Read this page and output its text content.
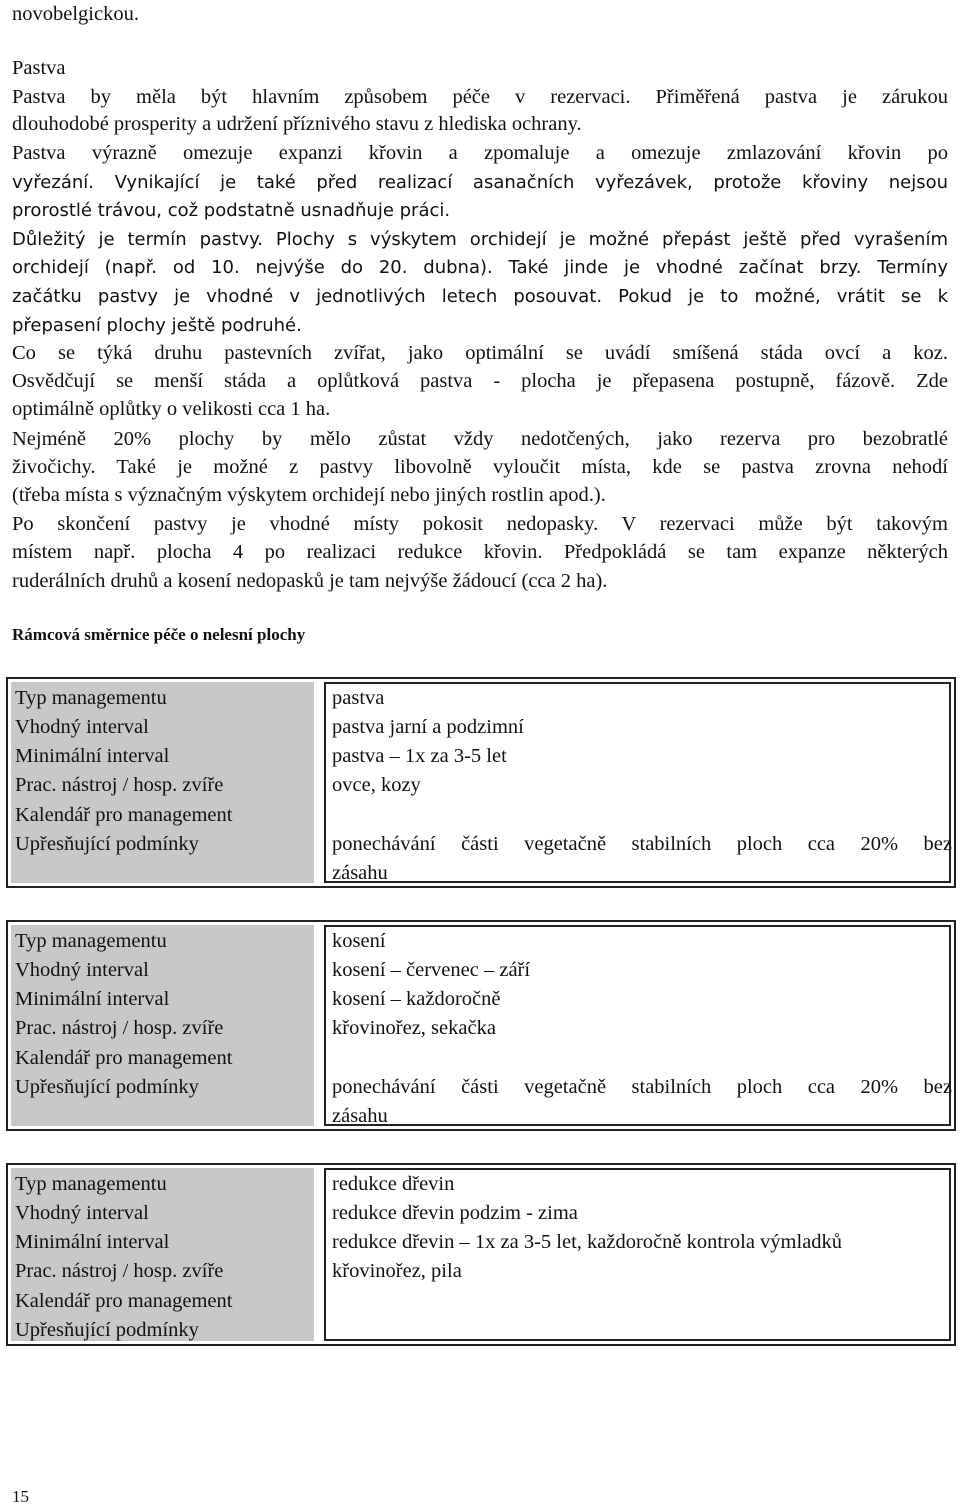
novobelgickou.
Pastva
Pastva by měla být hlavním způsobem péče v rezervaci. Přiměřená pastva je zárukou
dlouhodobé prosperity a udržení příznivého stavu z hlediska ochrany.
Pastva výrazně omezuje expanzi křovin a zpomaluje a omezuje zmlazování křovin po
vyřezání. Vynikající je také před realizací asanačních vyřezávek, protože křoviny nejsou
prorostlé trávou, což podstatně usnadňuje práci.
Důležitý je termín pastvy. Plochy s výskytem orchidejí je možné přepást ještě před vyrašením
orchidejí (např. od 10. nejvýše do 20. dubna). Také jinde je vhodné začínat brzy. Termíny
začátku pastvy je vhodné v jednotlivých letech posouvat. Pokud je to možné, vrátit se k
přepasení plochy ještě podruhé.
Co se týká druhu pastevních zvířat, jako optimální se uvádí smíšená stáda ovcí a koz.
Osvědčují se menší stáda a oplůtková pastva - plocha je přepasena postupně, fázově. Zde
optimálně oplůtky o velikosti cca 1 ha.
Nejméně 20% plochy by mělo zůstat vždy nedotčených, jako rezerva pro bezobratlé
živočichy. Také je možné z pastvy libovolně vyloučit místa, kde se pastva zrovna nehodí
(třeba místa s význačným výskytem orchidejí nebo jiných rostlin apod.).
Po skončení pastvy je vhodné místy pokosit nedopasky. V rezervaci může být takovým
místem např. plocha 4 po realizaci redukce křovin. Předpokládá se tam expanze některých
ruderálních druhů a kosení nedopasků je tam nejvýše žádoucí (cca 2 ha).
Rámcová směrnice péče o nelesní plochy
Typ managementu
Vhodný interval
Minimální interval
Prac. nástroj / hosp. zvíře
Kalendář pro management
Upřesňující podmínky
pastva
pastva jarní a podzimní
pastva – 1x za 3-5 let
ovce, kozy
ponechávání části vegetačně stabilních ploch cca 20% bez
zásahu
Typ managementu
Vhodný interval
Minimální interval
Prac. nástroj / hosp. zvíře
Kalendář pro management
Upřesňující podmínky
kosení
kosení – červenec – září
kosení – každoročně
křovinořez, sekačka
ponechávání části vegetačně stabilních ploch cca 20% bez
zásahu
Typ managementu
Vhodný interval
Minimální interval
Prac. nástroj / hosp. zvíře
Kalendář pro management
Upřesňující podmínky
redukce dřevin
redukce dřevin podzim - zima
redukce dřevin – 1x za 3-5 let, každoročně kontrola výmladků
křovinořez, pila
15
